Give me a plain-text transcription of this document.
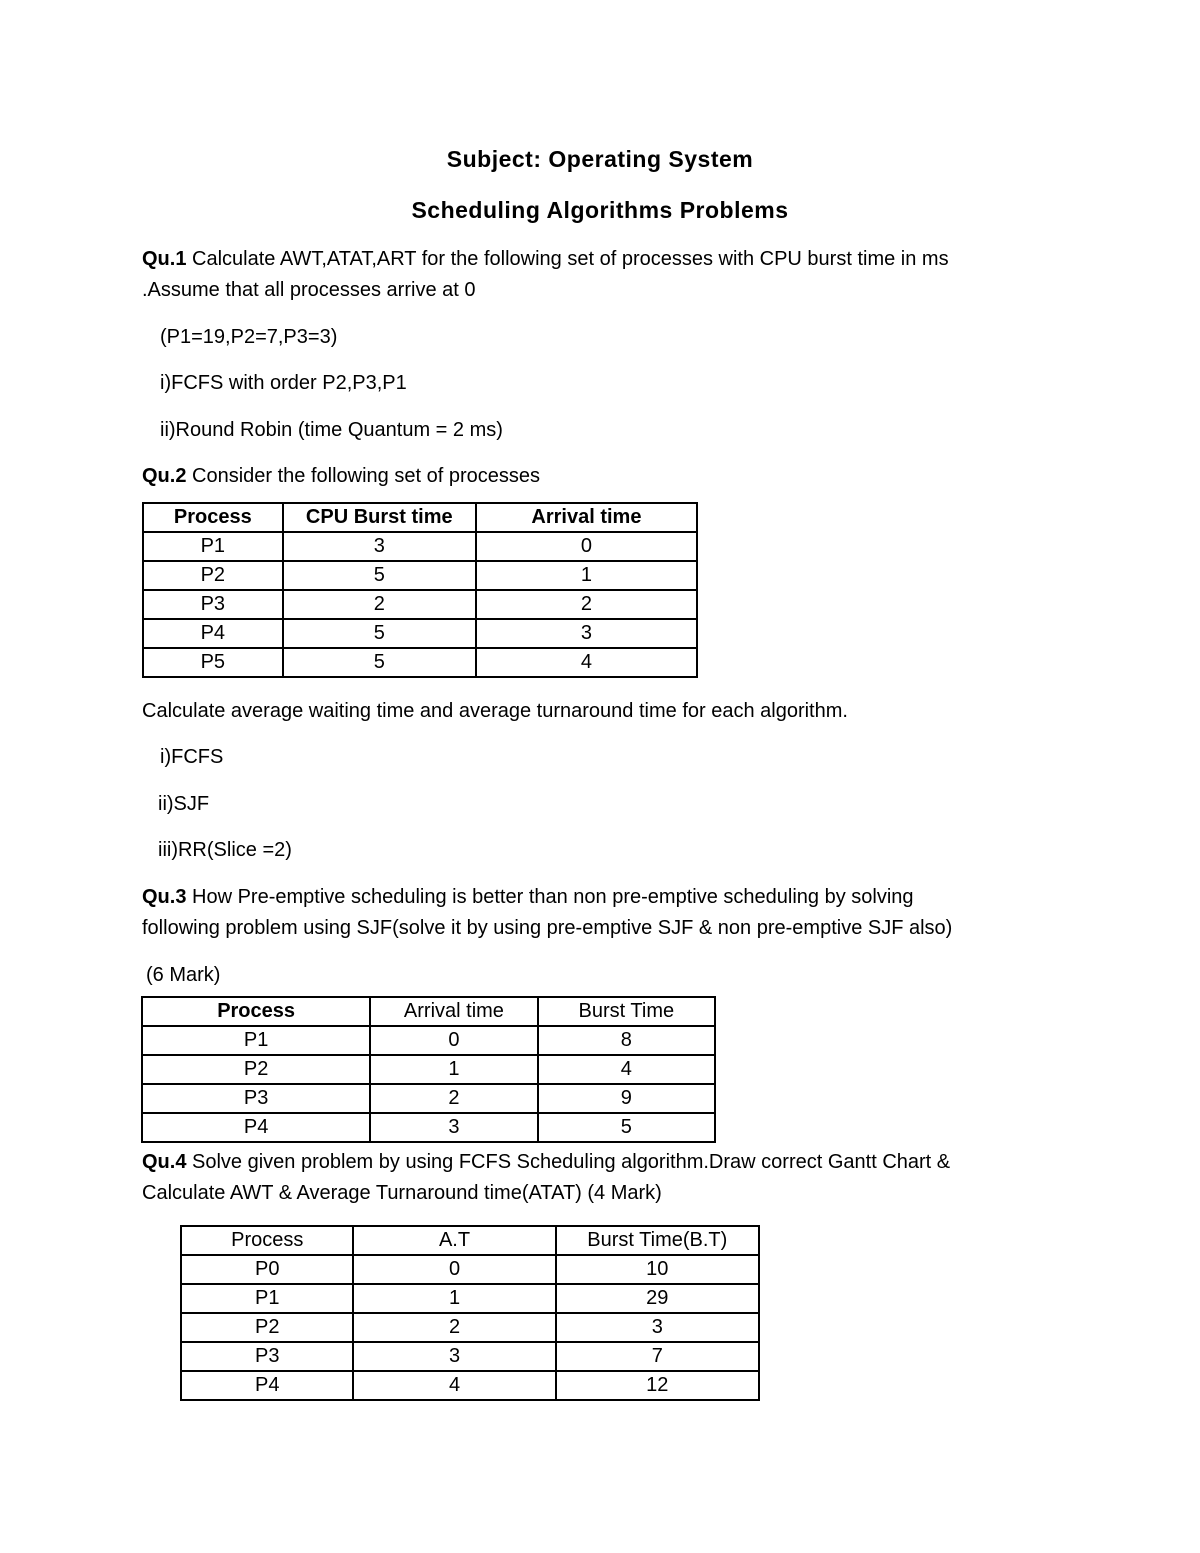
Subject: Operating System
Scheduling Algorithms Problems
Qu.1 Calculate AWT,ATAT,ART for the following set of processes with CPU burst time in ms
.Assume that all processes arrive at 0
(P1=19,P2=7,P3=3)
i)FCFS with order P2,P3,P1
ii)Round Robin (time Quantum = 2 ms)
Qu.2 Consider the following set of processes
Process	CPU Burst time	Arrival time
P1	3	0
P2	5	1
P3	2	2
P4	5	3
P5	5	4
Calculate average waiting time and average turnaround time for each algorithm.
i)FCFS
ii)SJF
iii)RR(Slice =2)
Qu.3 How Pre-emptive scheduling is better than non pre-emptive scheduling by solving
following problem using SJF(solve it by using pre-emptive SJF & non pre-emptive SJF also)
(6 Mark)
Process	Arrival time	Burst Time
P1	0	8
P2	1	4
P3	2	9
P4	3	5
Qu.4 Solve given problem by using FCFS Scheduling algorithm.Draw correct Gantt Chart &
Calculate AWT & Average Turnaround time(ATAT) (4 Mark)
Process	A.T	Burst Time(B.T)
P0	0	10
P1	1	29
P2	2	3
P3	3	7
P4	4	12
